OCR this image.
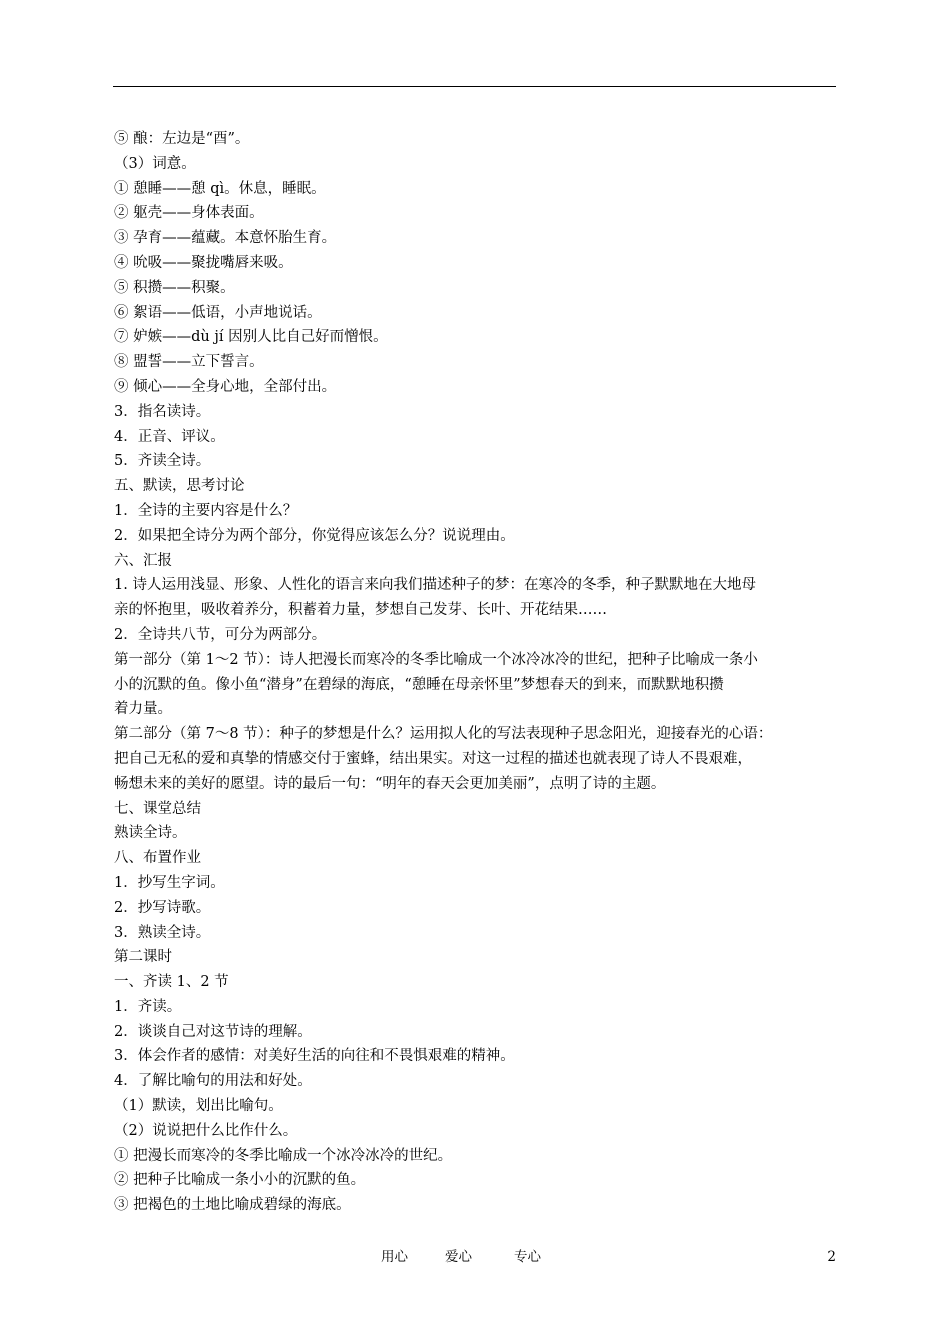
⑤ 酿：左边是“酉”。
（3）词意。
① 憩睡——憩 qì。休息，睡眠。
② 躯壳——身体表面。
③ 孕育——蕴藏。本意怀胎生育。
④ 吮吸——聚拢嘴唇来吸。
⑤ 积攒——积聚。
⑥ 絮语——低语，小声地说话。
⑦ 妒嫉——dù jí 因别人比自己好而憎恨。
⑧ 盟誓——立下誓言。
⑨ 倾心——全身心地，全部付出。
3．指名读诗。
4．正音、评议。
5．齐读全诗。
五、默读，思考讨论
1．全诗的主要内容是什么？
2．如果把全诗分为两个部分，你觉得应该怎么分？说说理由。
六、汇报
1. 诗人运用浅显、形象、人性化的语言来向我们描述种子的梦：在寒冷的冬季，种子默默地在大地母
亲的怀抱里，吸收着养分，积蓄着力量，梦想自己发芽、长叶、开花结果……
2．全诗共八节，可分为两部分。
第一部分（第 1～2 节）：诗人把漫长而寒冷的冬季比喻成一个冰冷冰冷的世纪，把种子比喻成一条小
小的沉默的鱼。像小鱼“潜身”在碧绿的海底，“憩睡在母亲怀里”梦想春天的到来，而默默地积攒
着力量。
第二部分（第 7～8 节）：种子的梦想是什么？运用拟人化的写法表现种子思念阳光，迎接春光的心语：
把自己无私的爱和真挚的情感交付于蜜蜂，结出果实。对这一过程的描述也就表现了诗人不畏艰难，
畅想未来的美好的愿望。诗的最后一句：“明年的春天会更加美丽”，点明了诗的主题。
七、课堂总结
熟读全诗。
八、布置作业
1．抄写生字词。
2．抄写诗歌。
3．熟读全诗。
第二课时
一、齐读 1、2 节
1．齐读。
2．谈谈自己对这节诗的理解。
3．体会作者的感情：对美好生活的向往和不畏惧艰难的精神。
4．了解比喻句的用法和好处。
（1）默读，划出比喻句。
（2）说说把什么比作什么。
① 把漫长而寒冷的冬季比喻成一个冰冷冰冷的世纪。
② 把种子比喻成一条小小的沉默的鱼。
③ 把褐色的土地比喻成碧绿的海底。
用心	爱心	专心	2
